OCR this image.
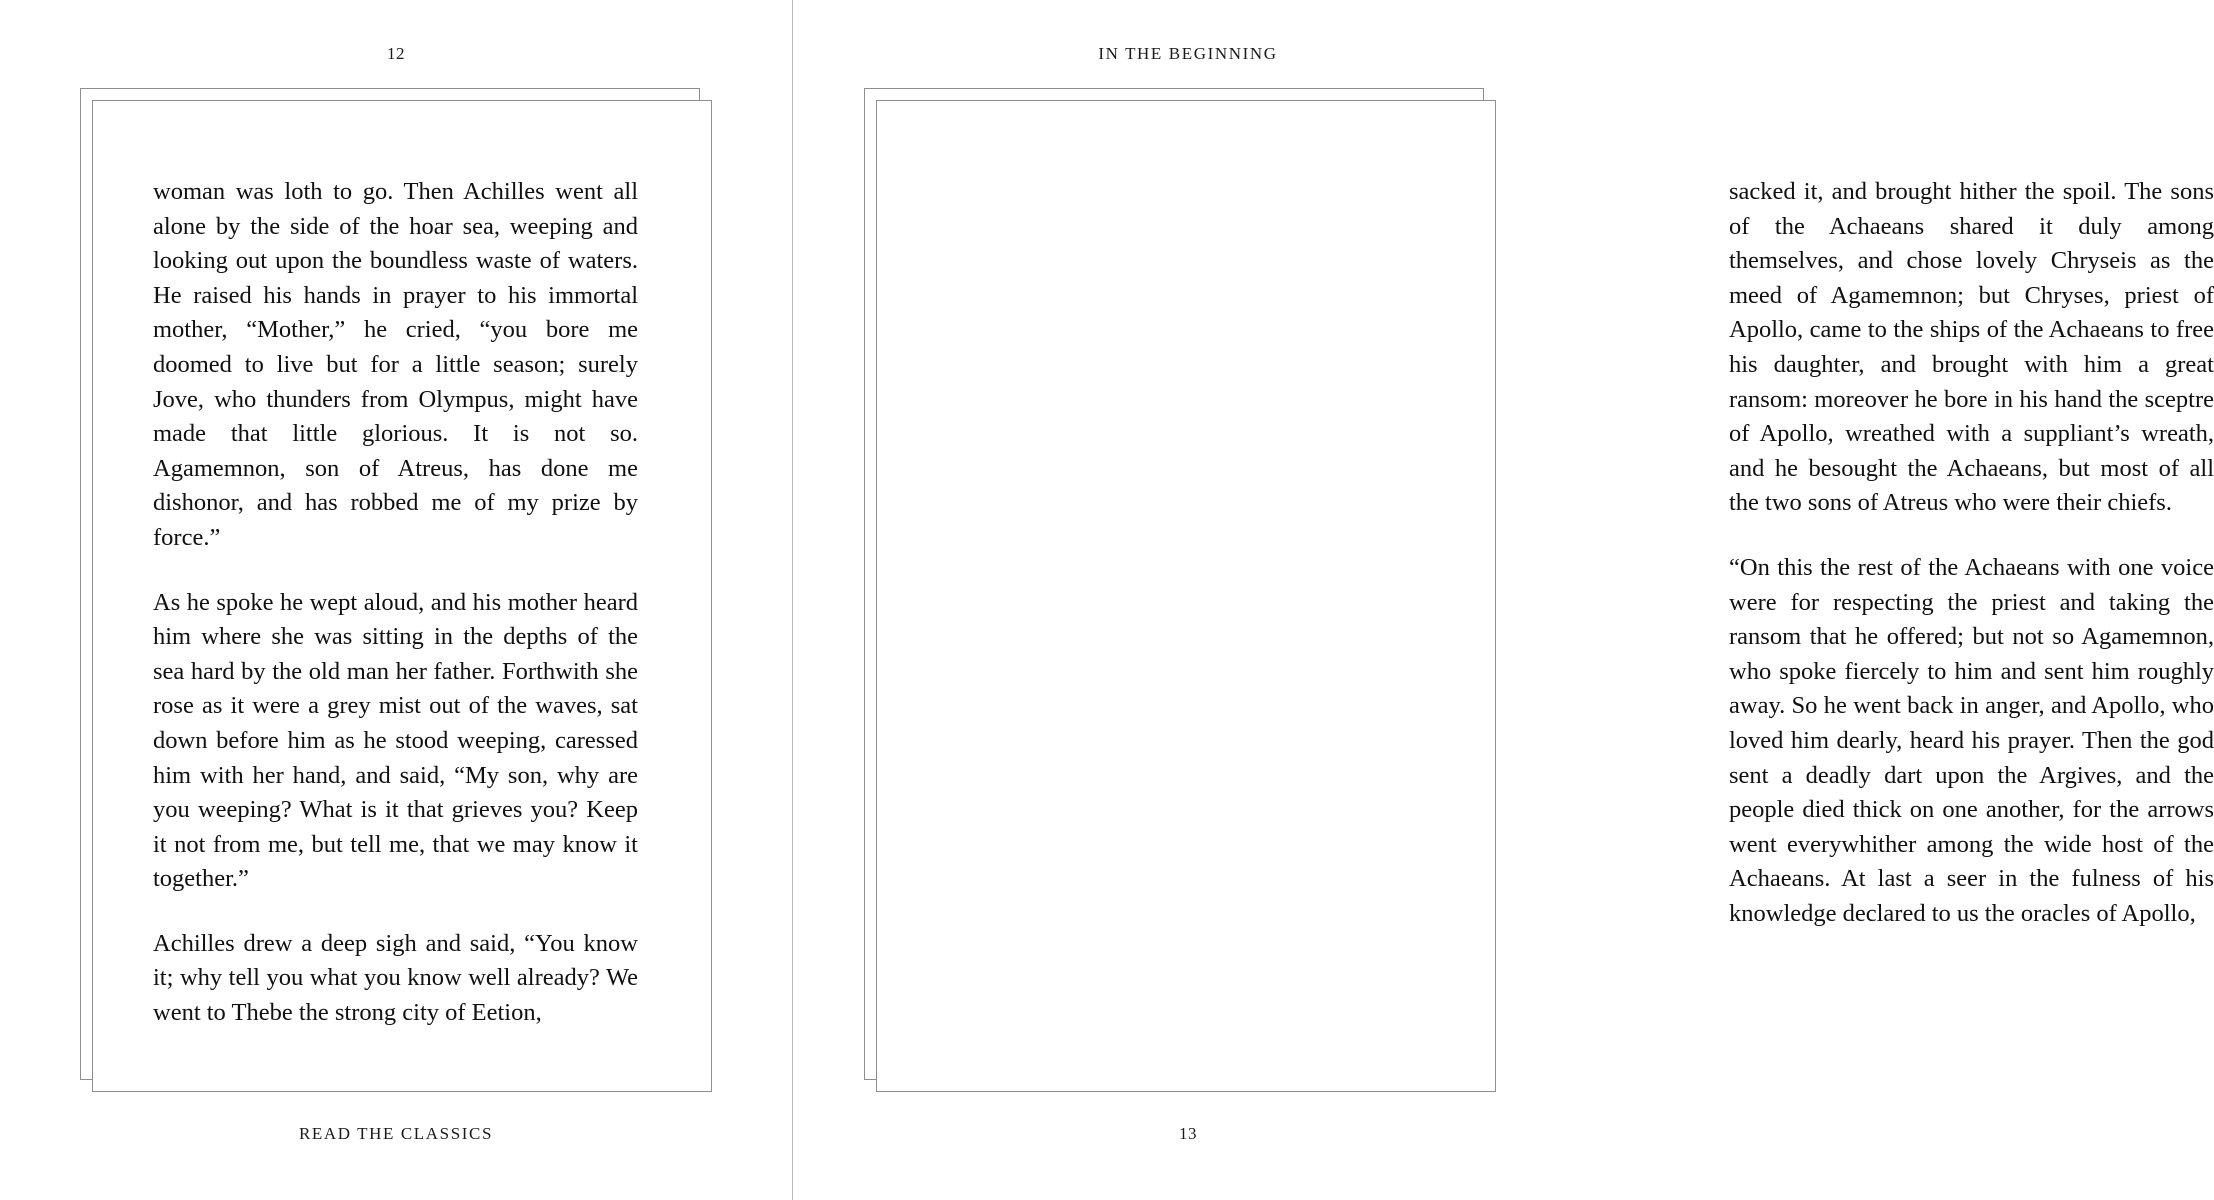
12

woman was loth to go. Then Achilles went all alone by the side of the hoar sea, weeping and looking out upon the boundless waste of waters. He raised his hands in prayer to his immortal mother, “Mother,” he cried, “you bore me doomed to live but for a little season; surely Jove, who thunders from Olympus, might have made that little glorious. It is not so. Agamemnon, son of Atreus, has done me dishonor, and has robbed me of my prize by force.”

As he spoke he wept aloud, and his mother heard him where she was sitting in the depths of the sea hard by the old man her father. Forthwith she rose as it were a grey mist out of the waves, sat down before him as he stood weeping, caressed him with her hand, and said, “My son, why are you weeping? What is it that grieves you? Keep it not from me, but tell me, that we may know it together.”

Achilles drew a deep sigh and said, “You know it; why tell you what you know well already? We went to Thebe the strong city of Eetion,

READ THE CLASSICS
IN THE BEGINNING

sacked it, and brought hither the spoil. The sons of the Achaeans shared it duly among themselves, and chose lovely Chryseis as the meed of Agamemnon; but Chryses, priest of Apollo, came to the ships of the Achaeans to free his daughter, and brought with him a great ransom: moreover he bore in his hand the sceptre of Apollo, wreathed with a suppliant’s wreath, and he besought the Achaeans, but most of all the two sons of Atreus who were their chiefs.

“On this the rest of the Achaeans with one voice were for respecting the priest and taking the ransom that he offered; but not so Agamemnon, who spoke fiercely to him and sent him roughly away. So he went back in anger, and Apollo, who loved him dearly, heard his prayer. Then the god sent a deadly dart upon the Argives, and the people died thick on one another, for the arrows went everywhither among the wide host of the Achaeans. At last a seer in the fulness of his knowledge declared to us the oracles of Apollo,

13
